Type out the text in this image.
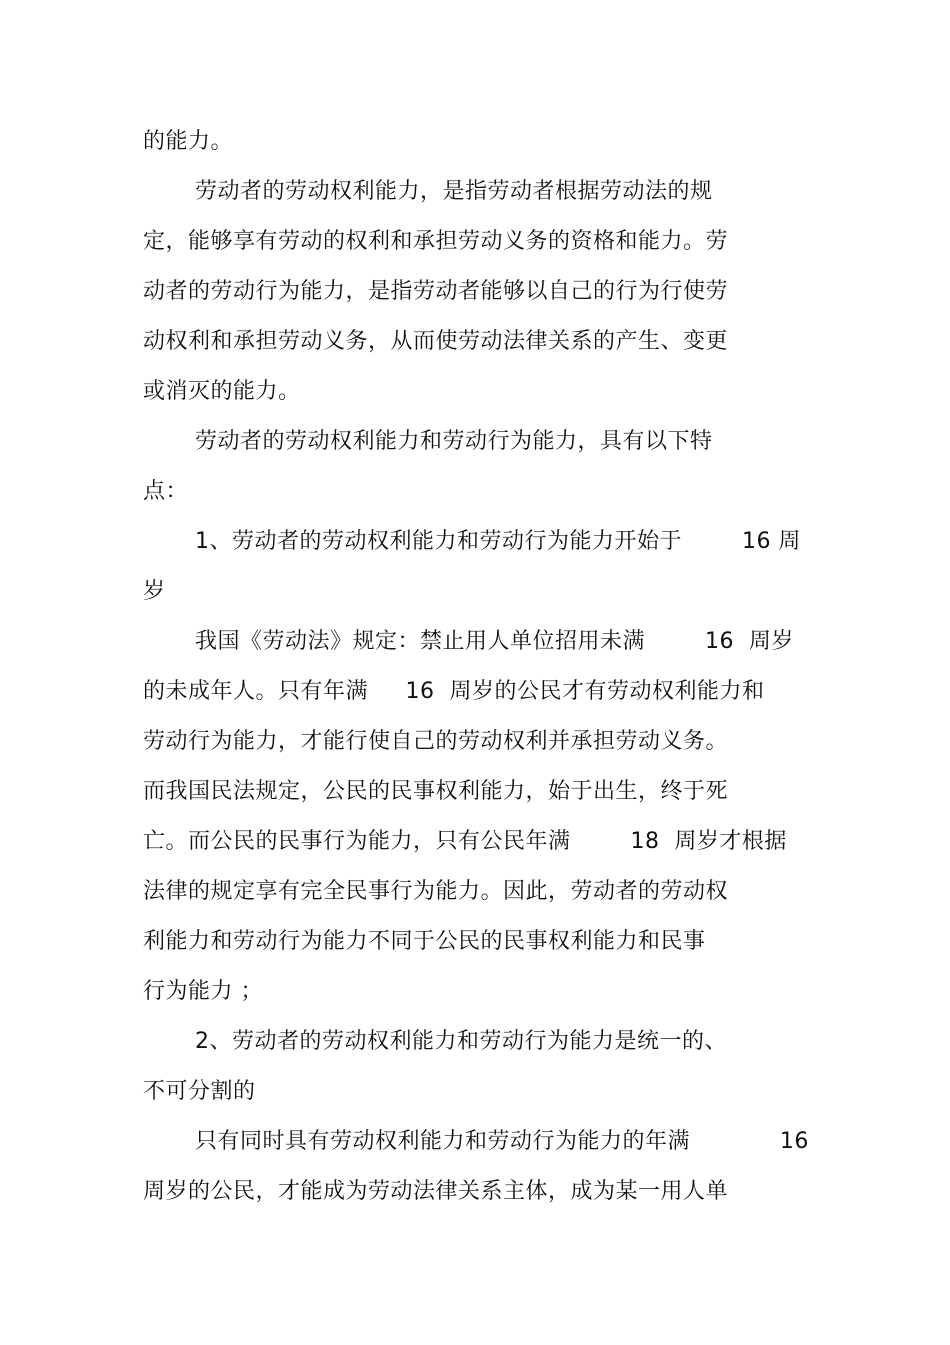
的能力。
劳动者的劳动权利能力，是指劳动者根据劳动法的规
定，能够享有劳动的权利和承担劳动义务的资格和能力。劳
动者的劳动行为能力，是指劳动者能够以自己的行为行使劳
动权利和承担劳动义务，从而使劳动法律关系的产生、变更
或消灭的能力。
劳动者的劳动权利能力和劳动行为能力，具有以下特
点：
1、劳动者的劳动权利能力和劳动行为能力开始于        16 周
岁
我国《劳动法》规定：禁止用人单位招用未满        16  周岁
的未成年人。只有年满     16  周岁的公民才有劳动权利能力和
劳动行为能力，才能行使自己的劳动权利并承担劳动义务。
而我国民法规定，公民的民事权利能力，始于出生，终于死
亡。而公民的民事行为能力，只有公民年满        18  周岁才根据
法律的规定享有完全民事行为能力。因此，劳动者的劳动权
利能力和劳动行为能力不同于公民的民事权利能力和民事
行为能力 ；
2、劳动者的劳动权利能力和劳动行为能力是统一的、
不可分割的
只有同时具有劳动权利能力和劳动行为能力的年满            16
周岁的公民，才能成为劳动法律关系主体，成为某一用人单
